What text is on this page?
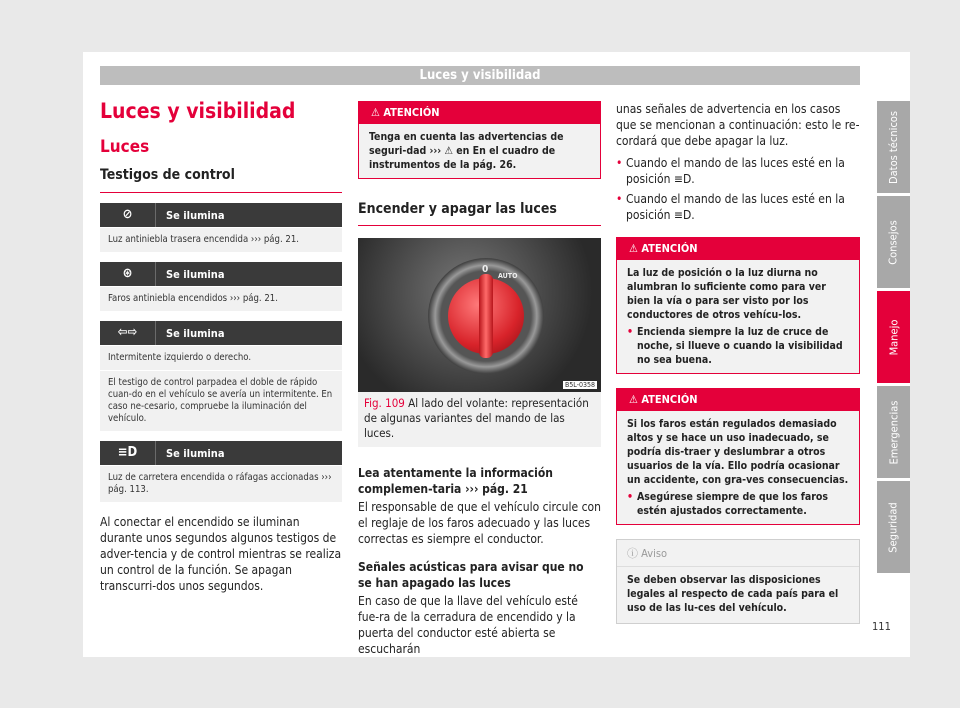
Luces y visibilidad
Luces y visibilidad
Luces
Testigos de control
⊘	Se ilumina
Luz antiniebla trasera encendida ››› pág. 21.
⊛	Se ilumina
Faros antiniebla encendidos ››› pág. 21.
⇦⇨	Se ilumina
Intermitente izquierdo o derecho.
El testigo de control parpadea el doble de rápido cuan-do en el vehículo se avería un intermitente. En caso ne-cesario, compruebe la iluminación del vehículo.
≡D	Se ilumina
Luz de carretera encendida o ráfagas accionadas ››› pág. 113.

Al conectar el encendido se iluminan durante unos segundos algunos testigos de adver-tencia y de control mientras se realiza un control de la función. Se apagan transcurri-dos unos segundos.

⚠ ATENCIÓN
Tenga en cuenta las advertencias de seguri-dad ››› ⚠ en En el cuadro de instrumentos de la pág. 26.
Encender y apagar las luces
0
AUTO
B5L-0358
Fig. 109 Al lado del volante: representación de algunas variantes del mando de las luces.

Lea atentamente la información complemen-taria ››› pág. 21

El responsable de que el vehículo circule con el reglaje de los faros adecuado y las luces correctas es siempre el conductor.

Señales acústicas para avisar que no se han apagado las luces

En caso de que la llave del vehículo esté fue-ra de la cerradura de encendido y la puerta del conductor esté abierta se escucharán

unas señales de advertencia en los casos que se mencionan a continuación: esto le re-cordará que debe apagar la luz.

• Cuando el mando de las luces esté en la posición ≡D.
• Cuando el mando de las luces esté en la posición ≡D.
⚠ ATENCIÓN
La luz de posición o la luz diurna no alumbran lo suficiente como para ver bien la vía o para ser visto por los conductores de otros vehícu-los.
• Encienda siempre la luz de cruce de noche, si llueve o cuando la visibilidad no sea buena.
⚠ ATENCIÓN
Si los faros están regulados demasiado altos y se hace un uso inadecuado, se podría dis-traer y deslumbrar a otros usuarios de la vía. Ello podría ocasionar un accidente, con gra-ves consecuencias.
• Asegúrese siempre de que los faros estén ajustados correctamente.
ⓘ Aviso
Se deben observar las disposiciones legales al respecto de cada país para el uso de las lu-ces del vehículo.
Datos técnicos
Consejos
Manejo
Emergencias
Seguridad
111
